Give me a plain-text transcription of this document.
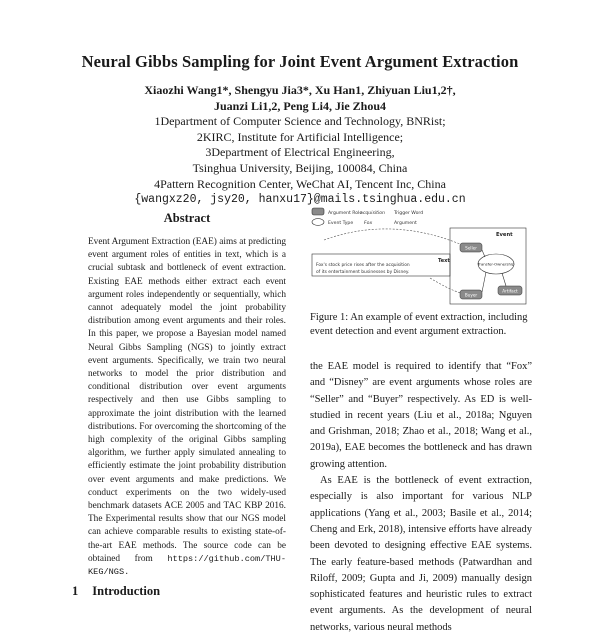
Neural Gibbs Sampling for Joint Event Argument Extraction
Xiaozhi Wang1*, Shengyu Jia3*, Xu Han1, Zhiyuan Liu1,2†,
Juanzi Li1,2, Peng Li4, Jie Zhou4
1Department of Computer Science and Technology, BNRist;
2KIRC, Institute for Artificial Intelligence;
3Department of Electrical Engineering,
Tsinghua University, Beijing, 100084, China
4Pattern Recognition Center, WeChat AI, Tencent Inc, China
{wangxz20, jsy20, hanxu17}@mails.tsinghua.edu.cn
Abstract

Event Argument Extraction (EAE) aims at predicting event argument roles of entities in text, which is a crucial subtask and bottleneck of event extraction. Existing EAE methods either extract each event argument roles independently or sequentially, which cannot adequately model the joint probability distribution among event arguments and their roles. In this paper, we propose a Bayesian model named Neural Gibbs Sampling (NGS) to jointly extract event arguments. Specifically, we train two neural networks to model the prior distribution and conditional distribution over event arguments respectively and then use Gibbs sampling to approximate the joint distribution with the learned distributions. For overcoming the shortcoming of the high complexity of the original Gibbs sampling algorithm, we further apply simulated annealing to efficiently estimate the joint probability distribution over event arguments and make predictions. We conduct experiments on the two widely-used benchmark datasets ACE 2005 and TAC KBP 2016. The Experimental results show that our NGS model can achieve comparable results to existing state-of-the-art EAE methods. The source code can be obtained from https://github.com/THU-KEG/NGS.

1 Introduction
Argument Role
acquisition Trigger Word
Event Type Fox	Argument
Event
Text
Fox's stock price rises after the acquisition
of its entertainment businesses by Disney.
Seller
Transfer-Ownership
Buyer
Artifact

Figure 1: An example of event extraction, including event detection and event argument extraction.

the EAE model is required to identify that “Fox” and “Disney” are event arguments whose roles are “Seller” and “Buyer” respectively. As ED is well-studied in recent years (Liu et al., 2018a; Nguyen and Grishman, 2018; Zhao et al., 2018; Wang et al., 2019a), EAE becomes the bottleneck and has drawn growing attention.

As EAE is the bottleneck of event extraction, especially is also important for various NLP applications (Yang et al., 2003; Basile et al., 2014; Cheng and Erk, 2018), intensive efforts have already been devoted to designing effective EAE systems. The early feature-based methods (Patwardhan and Riloff, 2009; Gupta and Ji, 2009) manually design sophisticated features and heuristic rules to extract event arguments. As the development of neural networks, various neural methods
